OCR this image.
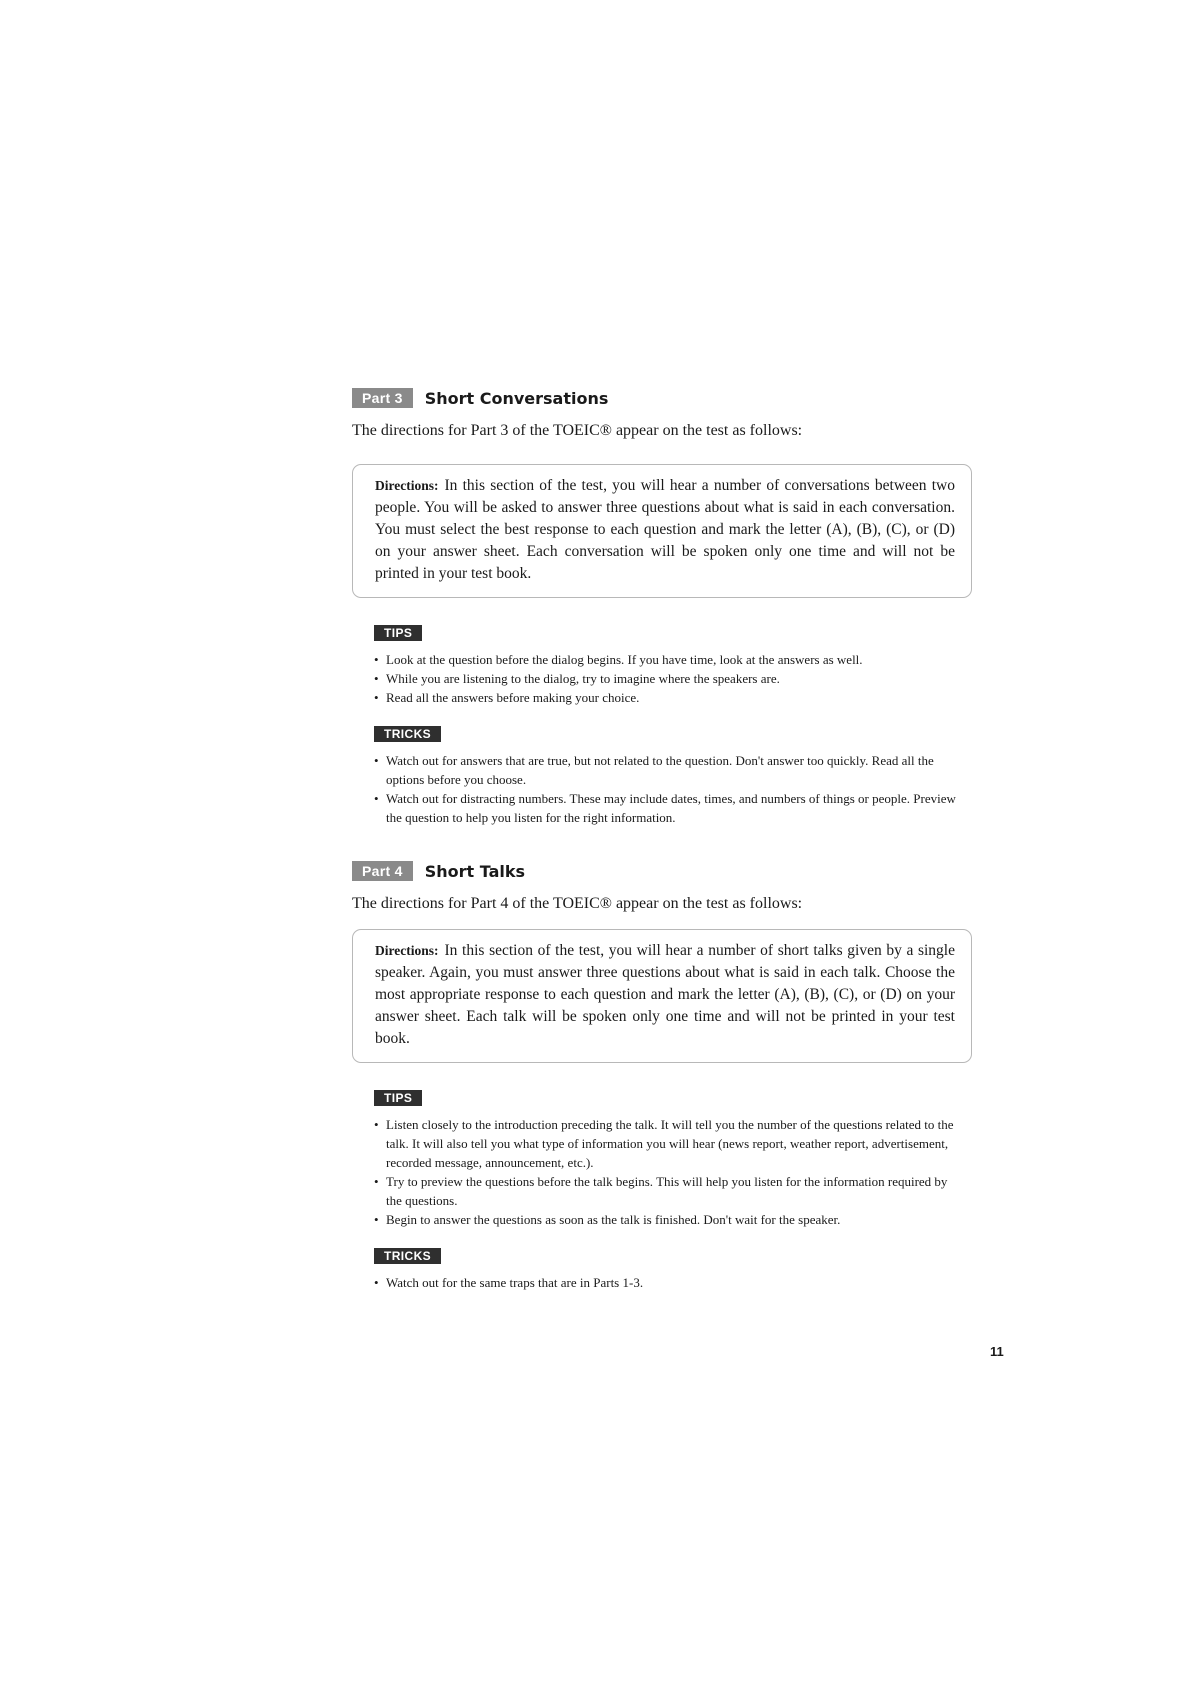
Part 3	Short Conversations
The directions for Part 3 of the TOEIC® appear on the test as follows:
Directions: In this section of the test, you will hear a number of conversations between two people. You will be asked to answer three questions about what is said in each conversation. You must select the best response to each question and mark the letter (A), (B), (C), or (D) on your answer sheet. Each conversation will be spoken only one time and will not be printed in your test book.
TIPS
• Look at the question before the dialog begins. If you have time, look at the answers as well.
• While you are listening to the dialog, try to imagine where the speakers are.
• Read all the answers before making your choice.
TRICKS
• Watch out for answers that are true, but not related to the question. Don't answer too quickly. Read all the options before you choose.
• Watch out for distracting numbers. These may include dates, times, and numbers of things or people. Preview the question to help you listen for the right information.
Part 4	Short Talks
The directions for Part 4 of the TOEIC® appear on the test as follows:
Directions: In this section of the test, you will hear a number of short talks given by a single speaker. Again, you must answer three questions about what is said in each talk. Choose the most appropriate response to each question and mark the letter (A), (B), (C), or (D) on your answer sheet. Each talk will be spoken only one time and will not be printed in your test book.
TIPS
• Listen closely to the introduction preceding the talk. It will tell you the number of the questions related to the talk. It will also tell you what type of information you will hear (news report, weather report, advertisement, recorded message, announcement, etc.).
• Try to preview the questions before the talk begins. This will help you listen for the information required by the questions.
• Begin to answer the questions as soon as the talk is finished. Don't wait for the speaker.
TRICKS
• Watch out for the same traps that are in Parts 1-3.
11
